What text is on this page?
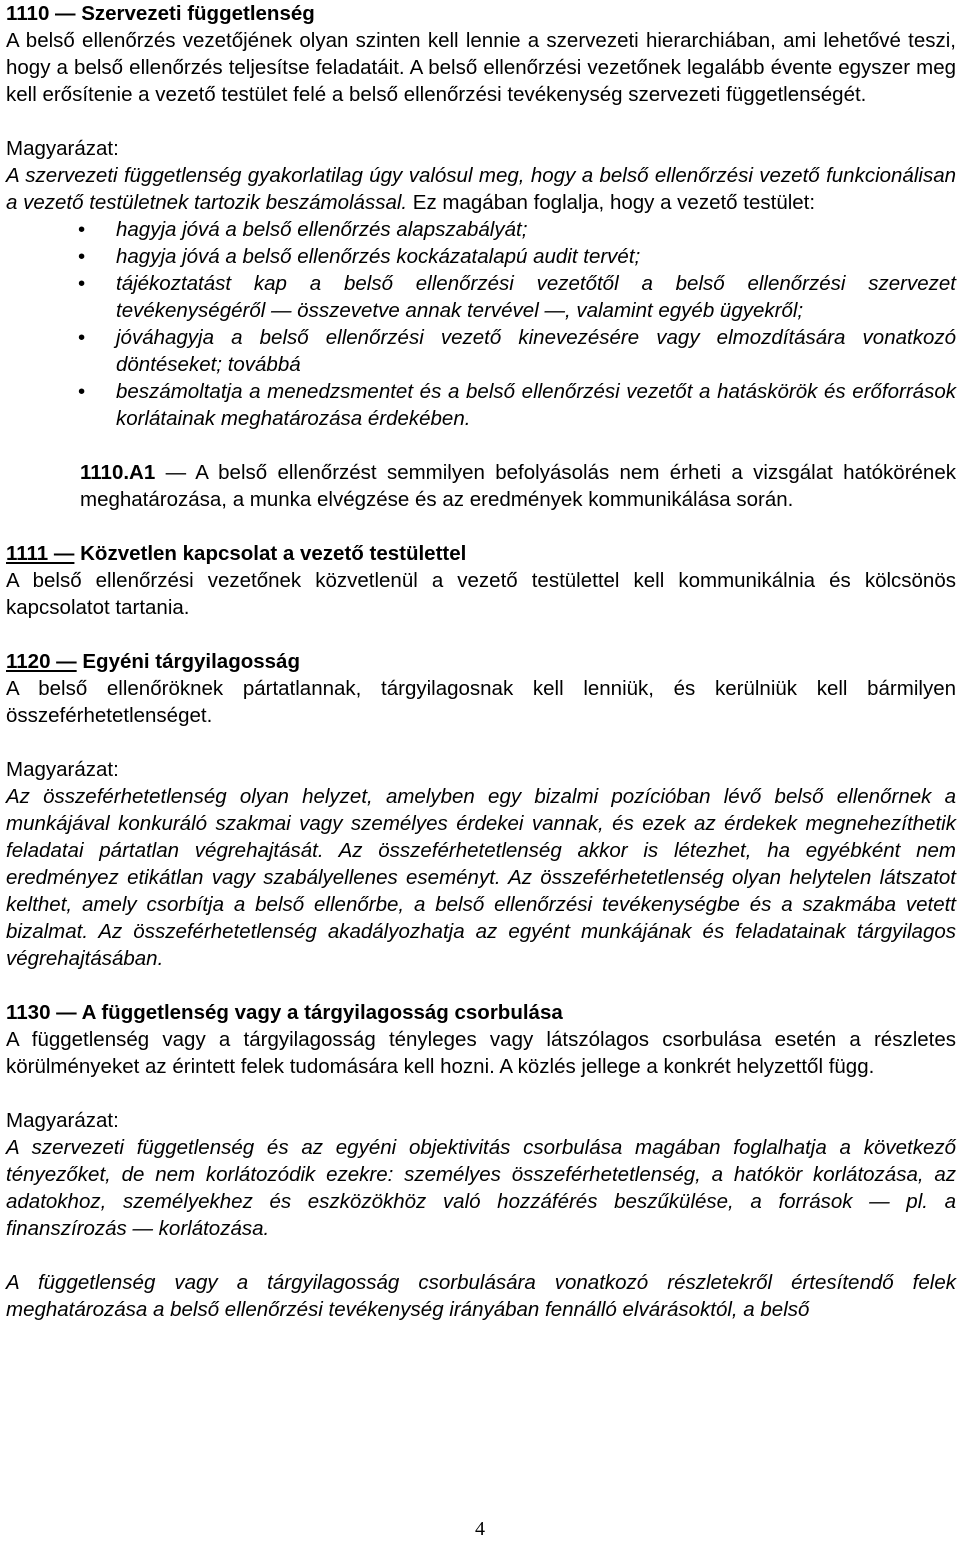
1110 — Szervezeti függetlenség

A belső ellenőrzés vezetőjének olyan szinten kell lennie a szervezeti hierarchiában, ami lehetővé teszi, hogy a belső ellenőrzés teljesítse feladatáit. A belső ellenőrzési vezetőnek legalább évente egyszer meg kell erősítenie a vezető testület felé a belső ellenőrzési tevékenység szervezeti függetlenségét.

Magyarázat:

A szervezeti függetlenség gyakorlatilag úgy valósul meg, hogy a belső ellenőrzési vezető funkcionálisan a vezető testületnek tartozik beszámolással. Ez magában foglalja, hogy a vezető testület:

• hagyja jóvá a belső ellenőrzés alapszabályát;
• hagyja jóvá a belső ellenőrzés kockázatalapú audit tervét;
• tájékoztatást kap a belső ellenőrzési vezetőtől a belső ellenőrzési szervezet tevékenységéről — összevetve annak tervével —, valamint egyéb ügyekről;
• jóváhagyja a belső ellenőrzési vezető kinevezésére vagy elmozdítására vonatkozó döntéseket; továbbá
• beszámoltatja a menedzsmentet és a belső ellenőrzési vezetőt a hatáskörök és erőforrások korlátainak meghatározása érdekében.

1110.A1 — A belső ellenőrzést semmilyen befolyásolás nem érheti a vizsgálat hatókörének meghatározása, a munka elvégzése és az eredmények kommunikálása során.

1111 — Közvetlen kapcsolat a vezető testülettel

A belső ellenőrzési vezetőnek közvetlenül a vezető testülettel kell kommunikálnia és kölcsönös kapcsolatot tartania.

1120 — Egyéni tárgyilagosság

A belső ellenőröknek pártatlannak, tárgyilagosnak kell lenniük, és kerülniük kell bármilyen összeférhetetlenséget.

Magyarázat:

Az összeférhetetlenség olyan helyzet, amelyben egy bizalmi pozícióban lévő belső ellenőrnek a munkájával konkuráló szakmai vagy személyes érdekei vannak, és ezek az érdekek megnehezíthetik feladatai pártatlan végrehajtását. Az összeférhetetlenség akkor is létezhet, ha egyébként nem eredményez etikátlan vagy szabályellenes eseményt. Az összeférhetetlenség olyan helytelen látszatot kelthet, amely csorbítja a belső ellenőrbe, a belső ellenőrzési tevékenységbe és a szakmába vetett bizalmat. Az összeférhetetlenség akadályozhatja az egyént munkájának és feladatainak tárgyilagos végrehajtásában.

1130 — A függetlenség vagy a tárgyilagosság csorbulása

A függetlenség vagy a tárgyilagosság tényleges vagy látszólagos csorbulása esetén a részletes körülményeket az érintett felek tudomására kell hozni. A közlés jellege a konkrét helyzettől függ.

Magyarázat:

A szervezeti függetlenség és az egyéni objektivitás csorbulása magában foglalhatja a következő tényezőket, de nem korlátozódik ezekre: személyes összeférhetetlenség, a hatókör korlátozása, az adatokhoz, személyekhez és eszközökhöz való hozzáférés beszűkülése, a források — pl. a finanszírozás — korlátozása.

A függetlenség vagy a tárgyilagosság csorbulására vonatkozó részletekről értesítendő felek meghatározása a belső ellenőrzési tevékenység irányában fennálló elvárásoktól, a belső

4
